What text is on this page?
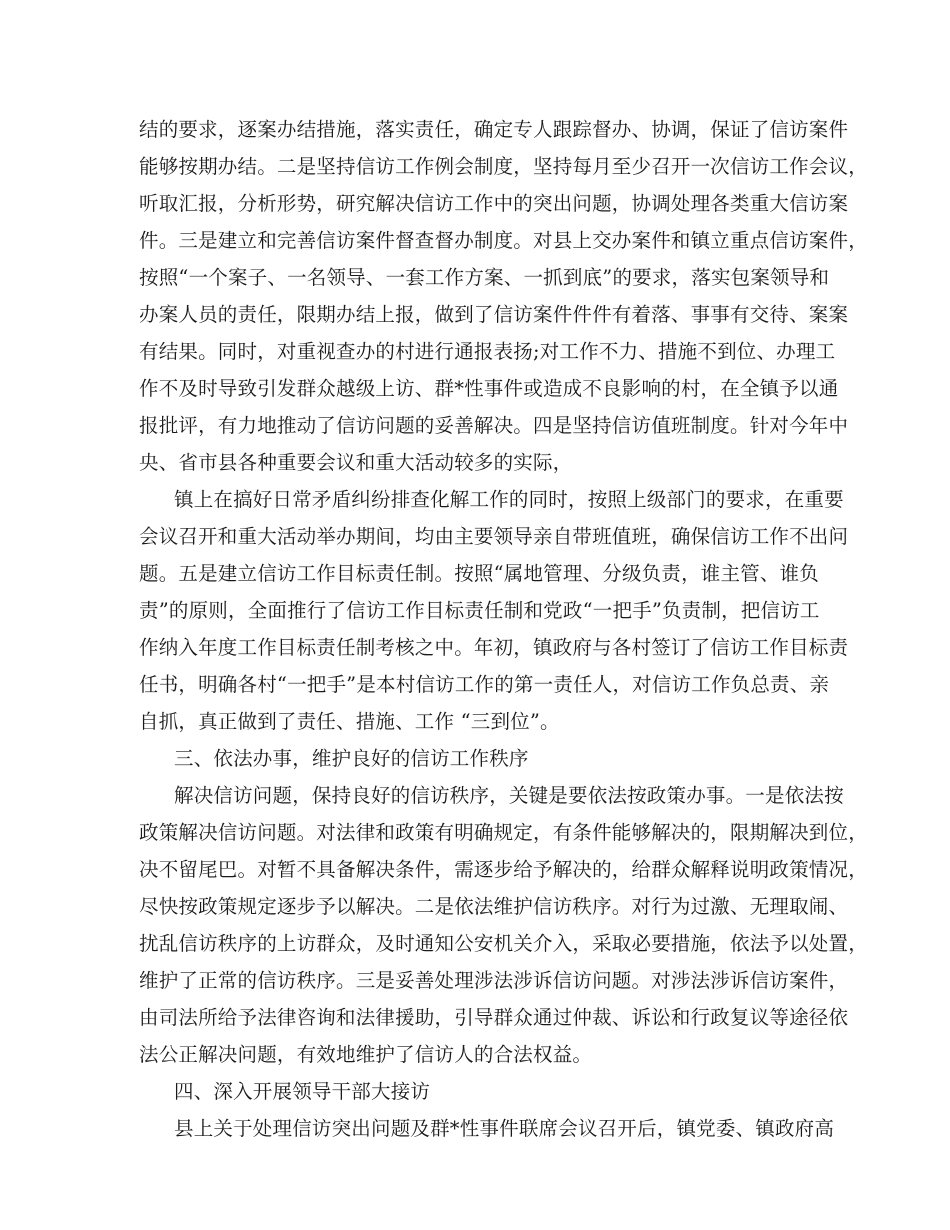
结的要求，逐案办结措施，落实责任，确定专人跟踪督办、协调，保证了信访案件
能够按期办结。二是坚持信访工作例会制度，坚持每月至少召开一次信访工作会议，
听取汇报，分析形势，研究解决信访工作中的突出问题，协调处理各类重大信访案
件。三是建立和完善信访案件督查督办制度。对县上交办案件和镇立重点信访案件，
按照“一个案子、一名领导、一套工作方案、一抓到底”的要求，落实包案领导和
办案人员的责任，限期办结上报，做到了信访案件件件有着落、事事有交待、案案
有结果。同时，对重视查办的村进行通报表扬;对工作不力、措施不到位、办理工
作不及时导致引发群众越级上访、群*性事件或造成不良影响的村，在全镇予以通
报批评，有力地推动了信访问题的妥善解决。四是坚持信访值班制度。针对今年中
央、省市县各种重要会议和重大活动较多的实际，
镇上在搞好日常矛盾纠纷排查化解工作的同时，按照上级部门的要求，在重要
会议召开和重大活动举办期间，均由主要领导亲自带班值班，确保信访工作不出问
题。五是建立信访工作目标责任制。按照“属地管理、分级负责，谁主管、谁负
责”的原则，全面推行了信访工作目标责任制和党政“一把手”负责制，把信访工
作纳入年度工作目标责任制考核之中。年初，镇政府与各村签订了信访工作目标责
任书，明确各村“一把手”是本村信访工作的第一责任人，对信访工作负总责、亲
自抓，真正做到了责任、措施、工作 “三到位”。
三、依法办事，维护良好的信访工作秩序
解决信访问题，保持良好的信访秩序，关键是要依法按政策办事。一是依法按
政策解决信访问题。对法律和政策有明确规定，有条件能够解决的，限期解决到位，
决不留尾巴。对暂不具备解决条件，需逐步给予解决的，给群众解释说明政策情况，
尽快按政策规定逐步予以解决。二是依法维护信访秩序。对行为过激、无理取闹、
扰乱信访秩序的上访群众，及时通知公安机关介入，采取必要措施，依法予以处置，
维护了正常的信访秩序。三是妥善处理涉法涉诉信访问题。对涉法涉诉信访案件，
由司法所给予法律咨询和法律援助，引导群众通过仲裁、诉讼和行政复议等途径依
法公正解决问题，有效地维护了信访人的合法权益。
四、深入开展领导干部大接访
县上关于处理信访突出问题及群*性事件联席会议召开后，镇党委、镇政府高
